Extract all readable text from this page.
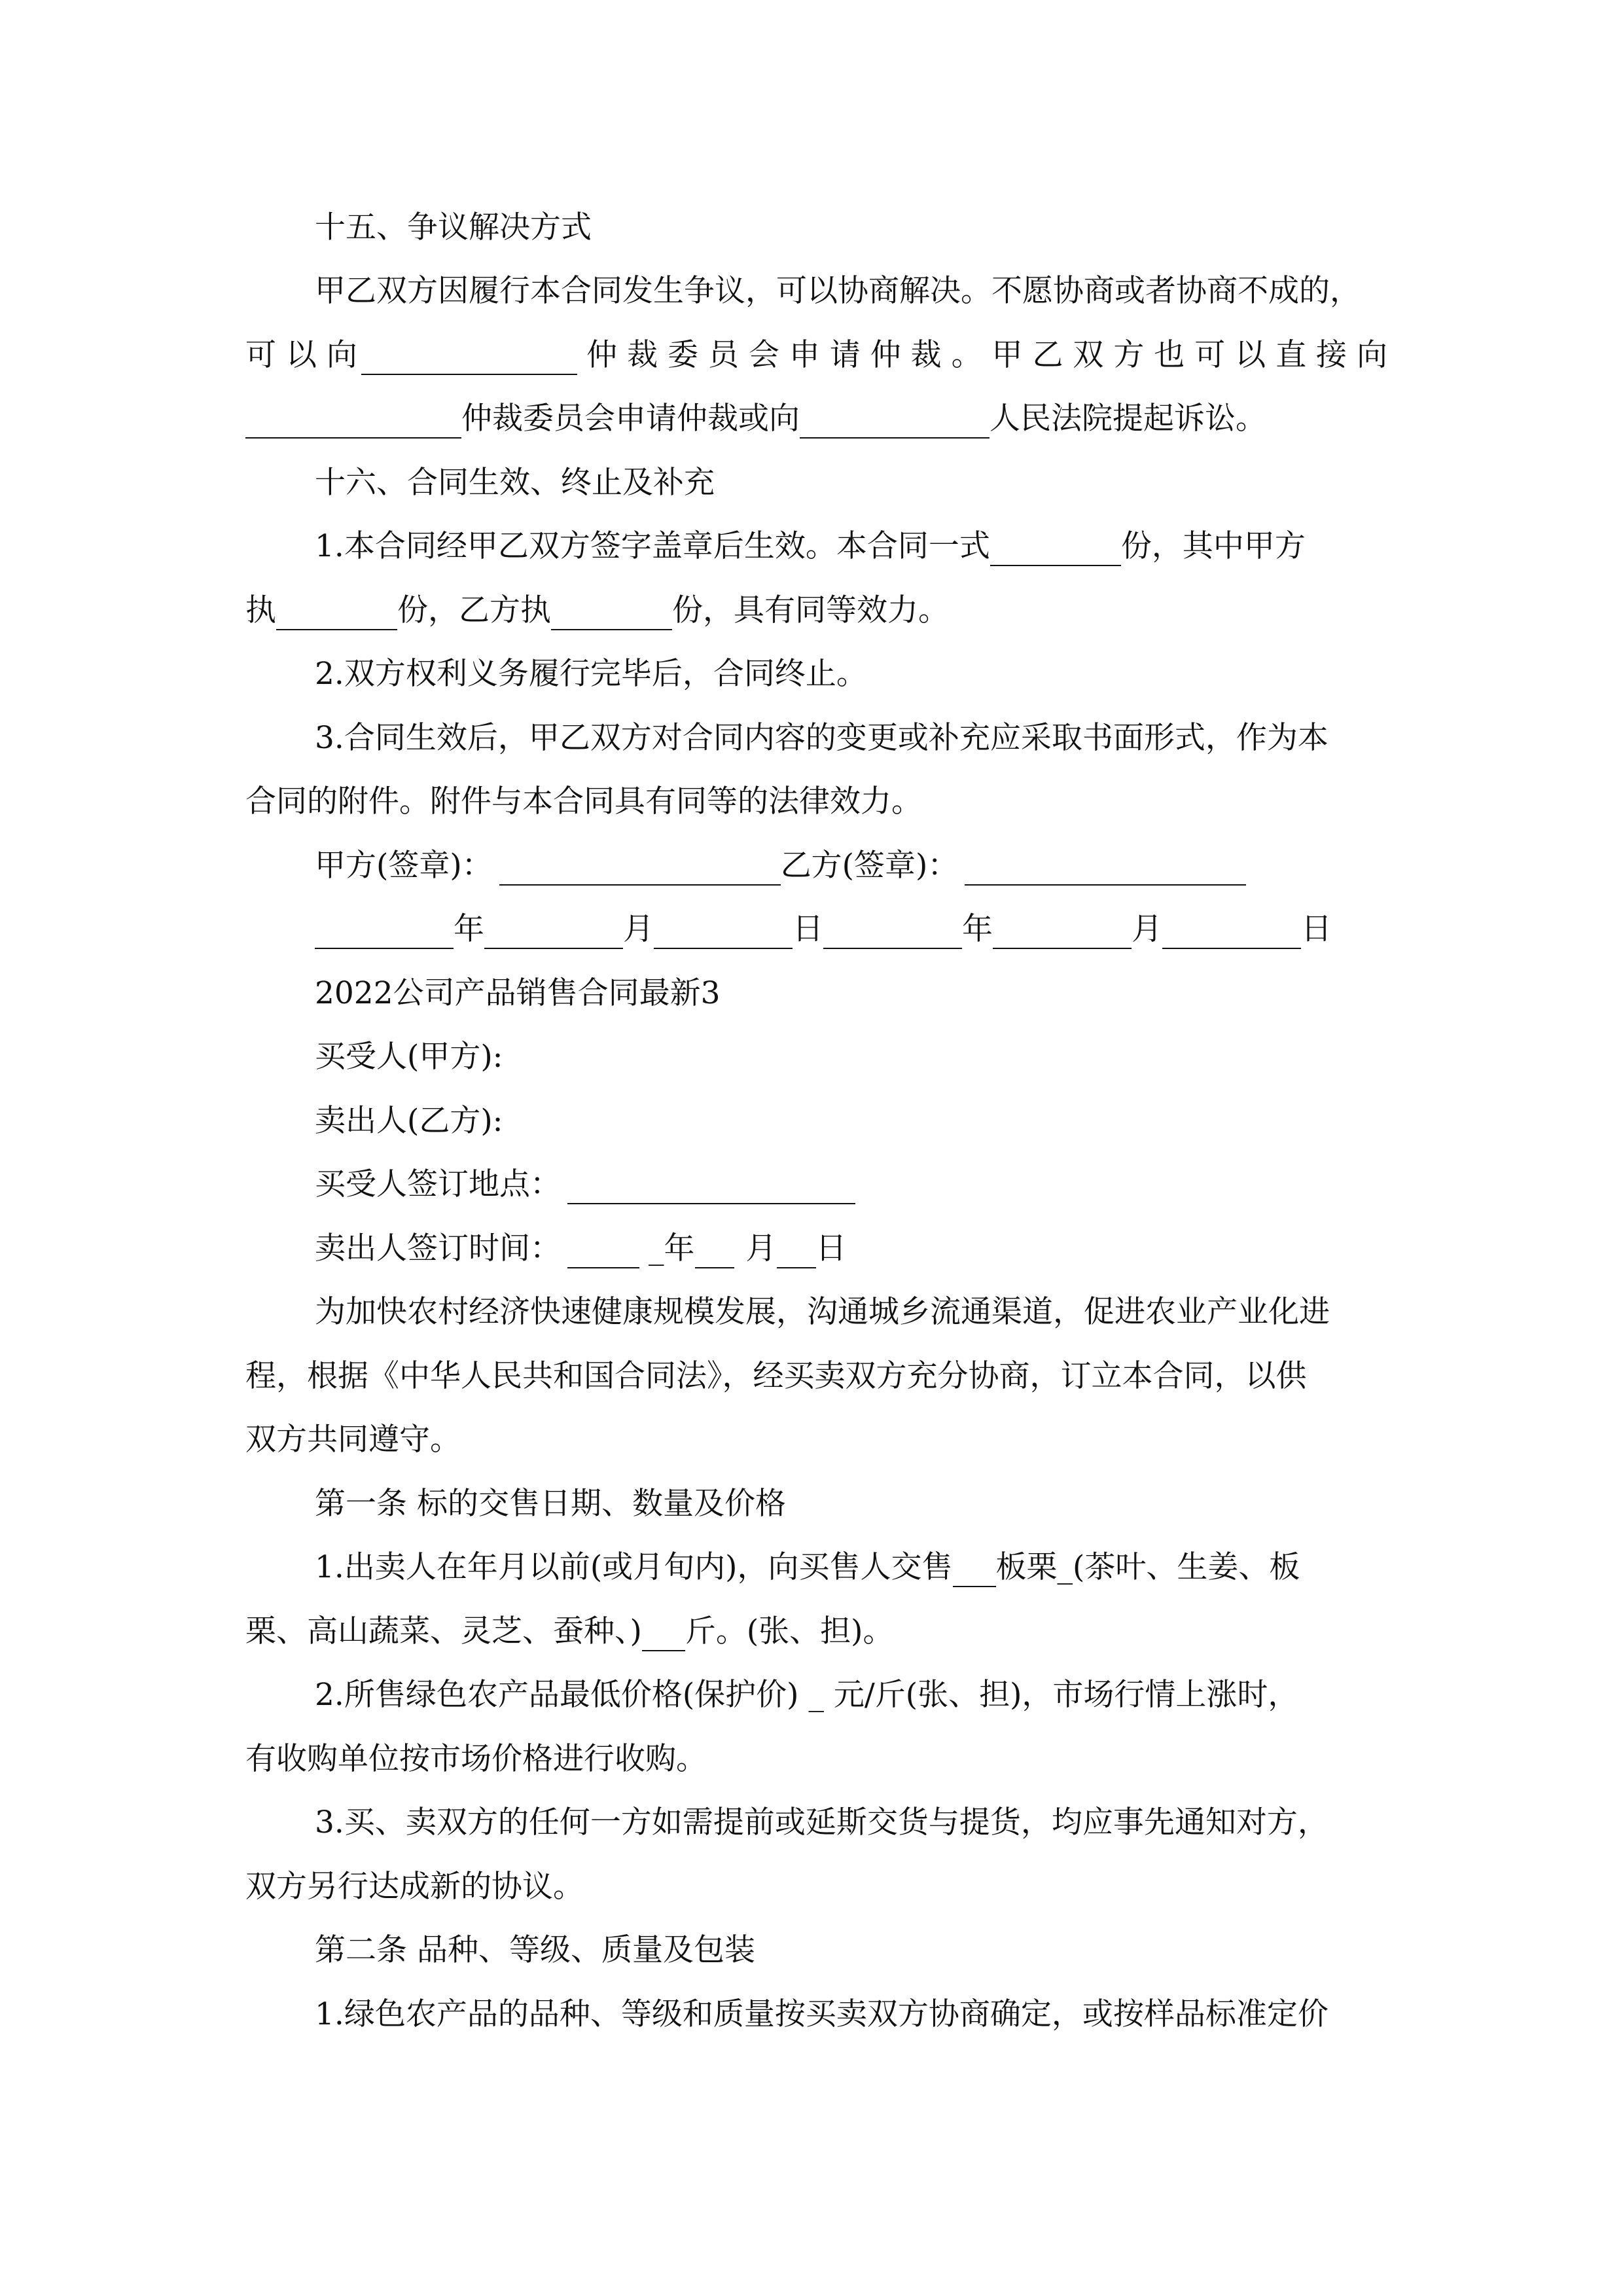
十五、争议解决方式
甲乙双方因履行本合同发生争议，可以协商解决。不愿协商或者协商不成的，
可 以 向	仲 裁 委 员 会 申 请 仲 裁 。 甲 乙 双 方 也 可 以 直 接 向
仲裁委员会申请仲裁或向	人民法院提起诉讼。
十六、合同生效、终止及补充
1.本合同经甲乙双方签字盖章后生效。本合同一式	份，其中甲方
执	份，乙方执	份，具有同等效力。
2.双方权利义务履行完毕后，合同终止。
3.合同生效后，甲乙双方对合同内容的变更或补充应采取书面形式，作为本
合同的附件。附件与本合同具有同等的法律效力。
甲方(签章)：	乙方(签章)：
年	月	日	年	月	日
2022公司产品销售合同最新3
买受人(甲方):
卖出人(乙方):
买受人签订地点：
卖出人签订时间：	_年 月 日
为加快农村经济快速健康规模发展，沟通城乡流通渠道，促进农业产业化进
程，根据《中华人民共和国合同法》，经买卖双方充分协商，订立本合同，以供
双方共同遵守。
第一条 标的交售日期、数量及价格
1.出卖人在年月以前(或月旬内)，向买售人交售 板栗_(茶叶、生姜、板
栗、高山蔬菜、灵芝、蚕种、) 斤。(张、担)。
2.所售绿色农产品最低价格(保护价) _ 元/斤(张、担)，市场行情上涨时，
有收购单位按市场价格进行收购。
3.买、卖双方的任何一方如需提前或延斯交货与提货，均应事先通知对方，
双方另行达成新的协议。
第二条 品种、等级、质量及包装
1.绿色农产品的品种、等级和质量按买卖双方协商确定，或按样品标准定价
